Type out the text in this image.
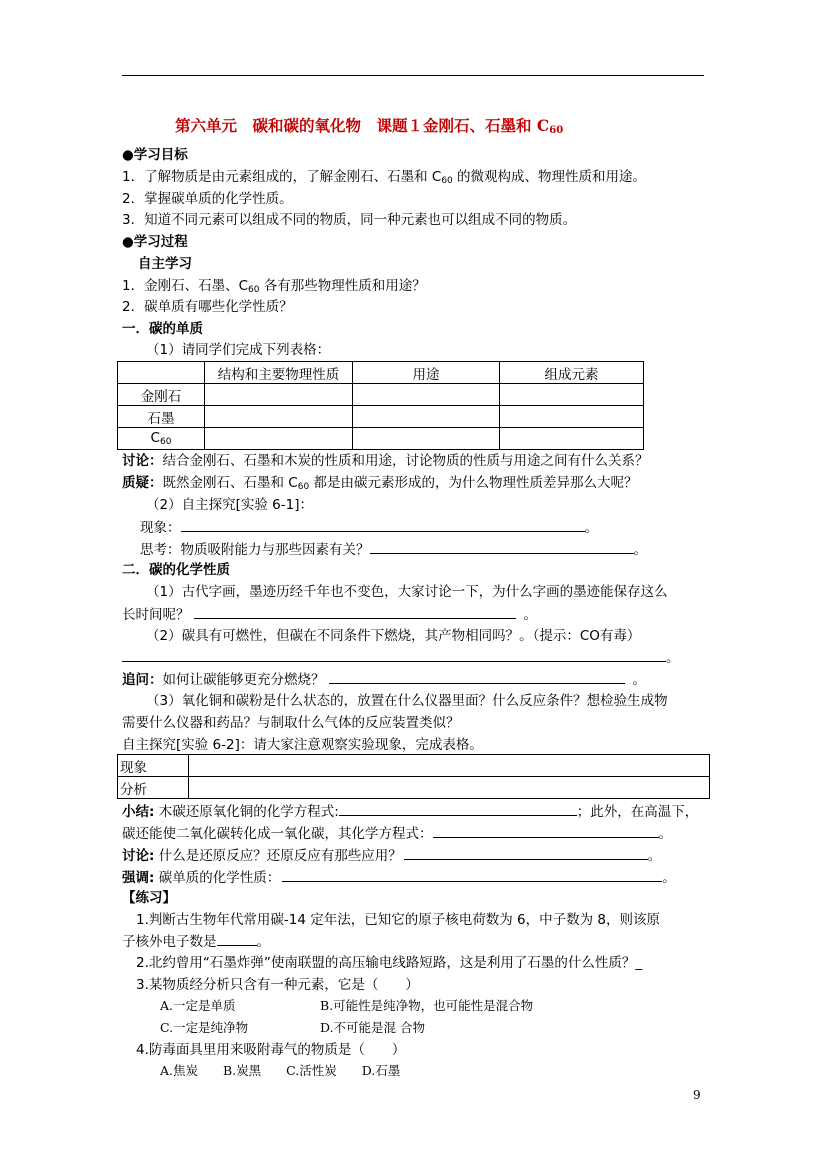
第六单元　碳和碳的氧化物　课题１金刚石、石墨和 $C_{60}$
●学习目标
1．了解物质是由元素组成的，了解金刚石、石墨和 $C_{60}$ 的微观构成、物理性质和用途。
2．掌握碳单质的化学性质。
3．知道不同元素可以组成不同的物质，同一种元素也可以组成不同的物质。
●学习过程
自主学习
1．金刚石、石墨、$C_{60}$ 各有那些物理性质和用途？
2．碳单质有哪些化学性质？
一．碳的单质
（1）请同学们完成下列表格：
	结构和主要物理性质	用途	组成元素
金刚石			
石墨			
$C_{60}$			
讨论：结合金刚石、石墨和木炭的性质和用途，讨论物质的性质与用途之间有什么关系？
质疑：既然金刚石、石墨和 $C_{60}$ 都是由碳元素形成的，为什么物理性质差异那么大呢？
（2）自主探究[实验 6-1]：
现象：	。
思考：物质吸附能力与那些因素有关？	。
二．碳的化学性质
（1）古代字画，墨迹历经千年也不变色，大家讨论一下，为什么字画的墨迹能保存这么
长时间呢？	。
（2）碳具有可燃性，但碳在不同条件下燃烧，其产物相同吗？。（提示：CO有毒）
。
追问：如何让碳能够更充分燃烧？	。
（3）氧化铜和碳粉是什么状态的，放置在什么仪器里面？什么反应条件？想检验生成物
需要什么仪器和药品？与制取什么气体的反应装置类似？
自主探究[实验 6-2]：请大家注意观察实验现象，完成表格。
现象	
分析	
小结: 木碳还原氧化铜的化学方程式:	；此外，在高温下，
碳还能使二氧化碳转化成一氧化碳，其化学方程式：	。
讨论: 什么是还原反应？还原反应有那些应用？	。
强调: 碳单质的化学性质：	。
【练习】
1.判断古生物年代常用碳-14 定年法，已知它的原子核电荷数为 6，中子数为 8，则该原
子核外电子数是	。
2.北约曾用“石墨炸弹”使南联盟的高压输电线路短路，这是利用了石墨的什么性质？_
3.某物质经分析只含有一种元素，它是（　　）
A.一定是单质	B.可能性是纯净物，也可能性是混合物
C.一定是纯净物	D.不可能是混 合物
4.防毒面具里用来吸附毒气的物质是（　　）
A.焦炭　　B.炭黑　　C.活性炭　　D.石墨
9
